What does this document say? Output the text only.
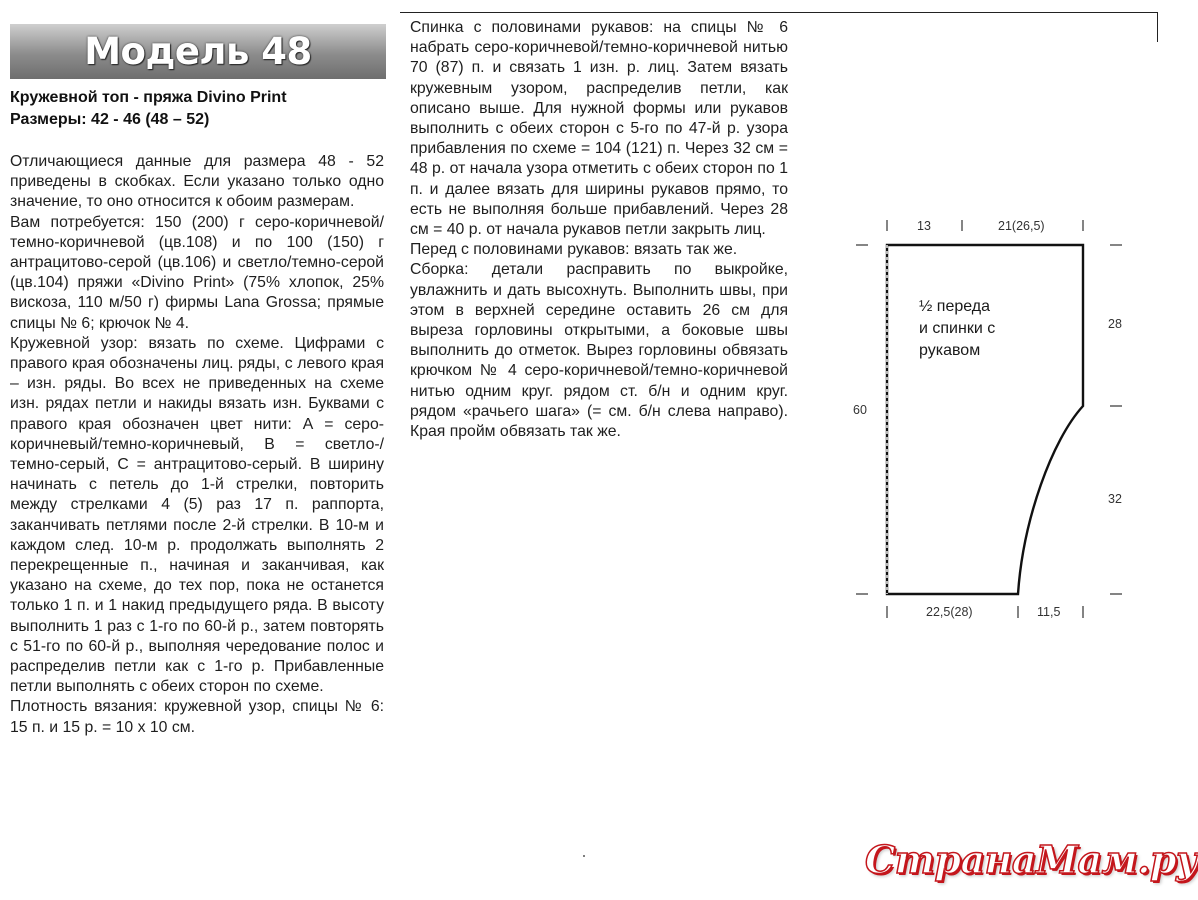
Модель 48
Кружевной топ - пряжа Divino Print
Размеры: 42 - 46 (48 – 52)

Отличающиеся данные для размера 48 - 52 приведены в скобках. Если указано только одно значение, то оно относится к обоим размерам.

Вам потребуется: 150 (200) г серо-коричневой/темно-коричневой (цв.108) и по 100 (150) г антрацитово-серой (цв.106) и светло/темно-серой (цв.104) пряжи «Divino Print» (75% хлопок, 25% вискоза, 110 м/50 г) фирмы Lana Grossa; прямые спицы № 6; крючок № 4.

Кружевной узор: вязать по схеме. Цифрами с правого края обозначены лиц. ряды, с левого края – изн. ряды. Во всех не приведенных на схеме изн. рядах петли и накиды вязать изн. Буквами с правого края обозначен цвет нити: А = серо-коричневый/темно-коричневый, В = светло-/темно-серый, С = антрацитово-серый. В ширину начинать с петель до 1-й стрелки, повторить между стрелками 4 (5) раз 17 п. раппорта, заканчивать петлями после 2-й стрелки. В 10-м и каждом след. 10-м р. продолжать выполнять 2 перекрещенные п., начиная и заканчивая, как указано на схеме, до тех пор, пока не останется только 1 п. и 1 накид предыдущего ряда. В высоту выполнить 1 раз с 1-го по 60-й р., затем повторять с 51-го по 60-й р., выполняя чередование полос и распределив петли как с 1-го р. Прибавленные петли выполнять с обеих сторон по схеме.

Плотность вязания: кружевной узор, спицы № 6: 15 п. и 15 р. = 10 х 10 см.

Спинка с половинами рукавов: на спицы № 6 набрать серо-коричневой/темно-коричневой нитью 70 (87) п. и связать 1 изн. р. лиц. Затем вязать кружевным узором, распределив петли, как описано выше. Для нужной формы или рукавов выполнить с обеих сторон с 5-го по 47-й р. узора прибавления по схеме = 104 (121) п. Через 32 см = 48 р. от начала узора отметить с обеих сторон по 1 п. и далее вязать для ширины рукавов прямо, то есть не выполняя больше прибавлений. Через 28 см = 40 р. от начала рукавов петли закрыть лиц.

Перед с половинами рукавов: вязать так же.

Сборка: детали расправить по выкройке, увлажнить и дать высохнуть. Выполнить швы, при этом в верхней середине оставить 26 см для выреза горловины открытыми, а боковые швы выполнить до отметок. Вырез горловины обвязать крючком № 4 серо-коричневой/темно-коричневой нитью одним круг. рядом ст. б/н и одним круг. рядом «рачьего шага» (= см. б/н слева направо). Края пройм обвязать так же.

13	21(26,5)
28
32
60
22,5(28)	11,5
½ переда
и спинки с
рукавом
СтранаМам.ру
